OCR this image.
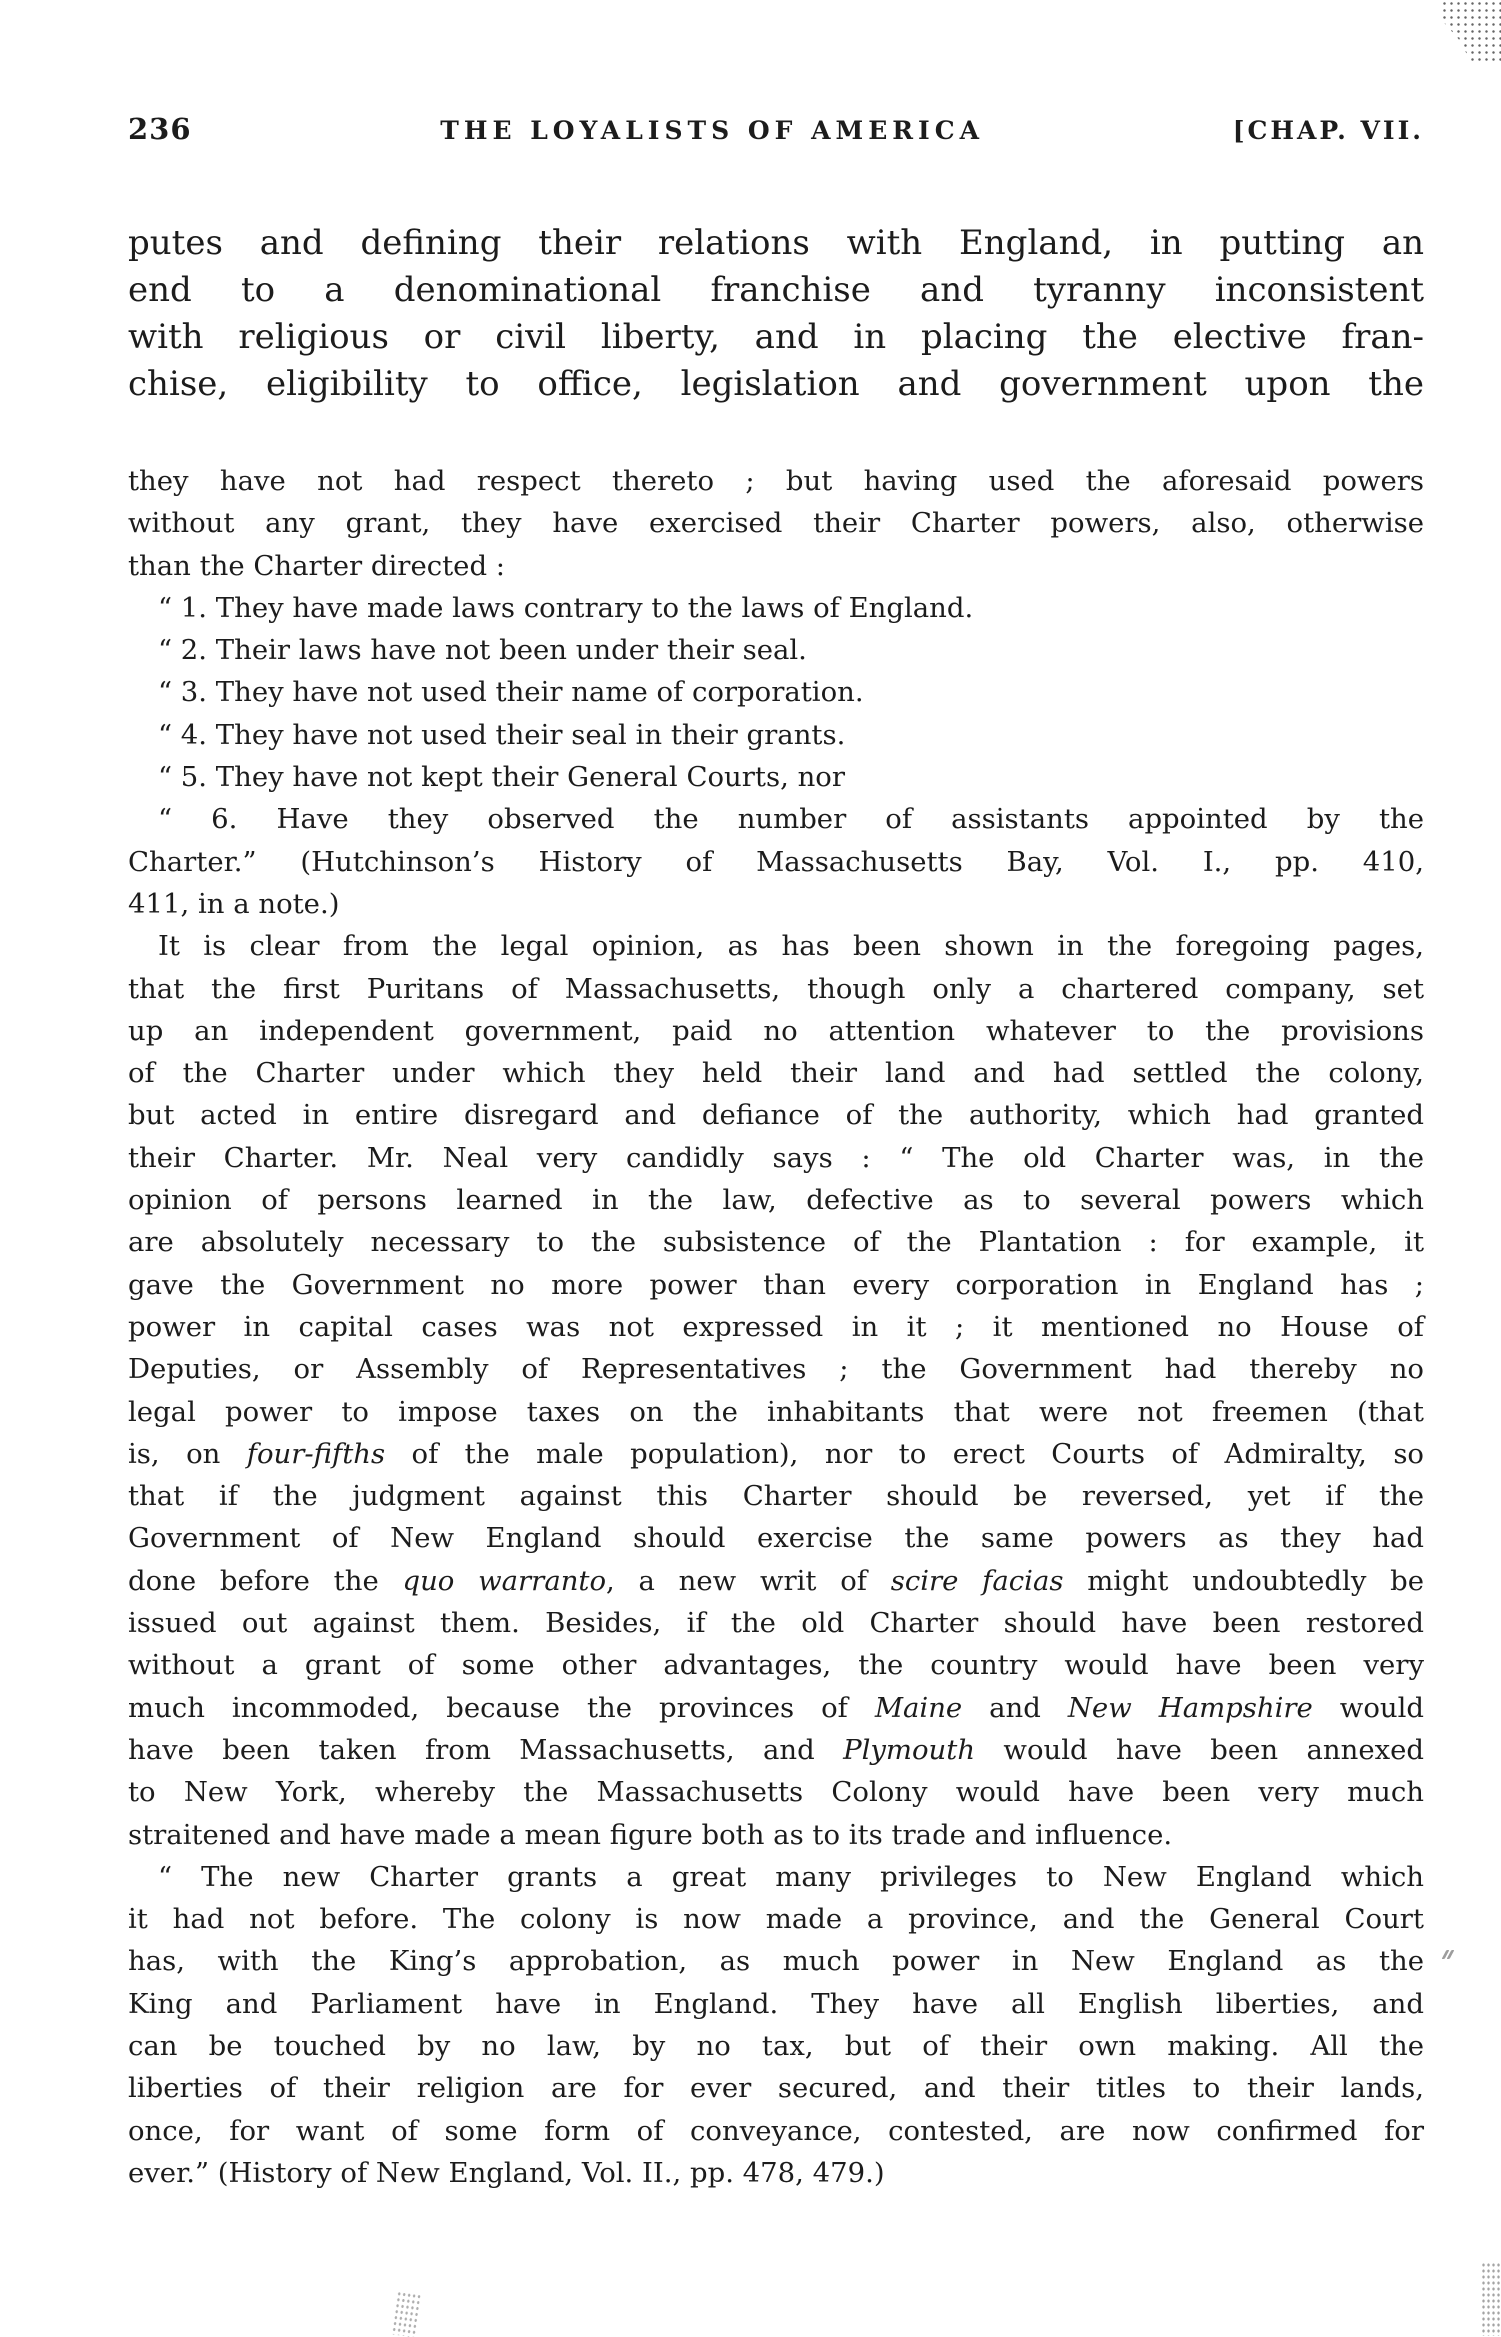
236	THE LOYALISTS OF AMERICA	[CHAP. VII.
putes and defining their relations with England, in putting an
end to a denominational franchise and tyranny inconsistent
with religious or civil liberty, and in placing the elective fran-
chise, eligibility to office, legislation and government upon the
they have not had respect thereto ; but having used the aforesaid powers
without any grant, they have exercised their Charter powers, also, otherwise
than the Charter directed :
“ 1. They have made laws contrary to the laws of England.
“ 2. Their laws have not been under their seal.
“ 3. They have not used their name of corporation.
“ 4. They have not used their seal in their grants.
“ 5. They have not kept their General Courts, nor
“ 6. Have they observed the number of assistants appointed by the
Charter.” (Hutchinson’s History of Massachusetts Bay, Vol. I., pp. 410,
411, in a note.)
It is clear from the legal opinion, as has been shown in the foregoing pages,
that the first Puritans of Massachusetts, though only a chartered company, set
up an independent government, paid no attention whatever to the provisions
of the Charter under which they held their land and had settled the colony,
but acted in entire disregard and defiance of the authority, which had granted
their Charter. Mr. Neal very candidly says : “ The old Charter was, in the
opinion of persons learned in the law, defective as to several powers which
are absolutely necessary to the subsistence of the Plantation : for example, it
gave the Government no more power than every corporation in England has ;
power in capital cases was not expressed in it ; it mentioned no House of
Deputies, or Assembly of Representatives ; the Government had thereby no
legal power to impose taxes on the inhabitants that were not freemen (that
is, on four-fifths of the male population), nor to erect Courts of Admiralty, so
that if the judgment against this Charter should be reversed, yet if the
Government of New England should exercise the same powers as they had
done before the quo warranto, a new writ of scire facias might undoubtedly be
issued out against them. Besides, if the old Charter should have been restored
without a grant of some other advantages, the country would have been very
much incommoded, because the provinces of Maine and New Hampshire would
have been taken from Massachusetts, and Plymouth would have been annexed
to New York, whereby the Massachusetts Colony would have been very much
straitened and have made a mean figure both as to its trade and influence.
“ The new Charter grants a great many privileges to New England which
it had not before. The colony is now made a province, and the General Court
has, with the King’s approbation, as much power in New England as the
King and Parliament have in England. They have all English liberties, and
can be touched by no law, by no tax, but of their own making. All the
liberties of their religion are for ever secured, and their titles to their lands,
once, for want of some form of conveyance, contested, are now confirmed for
ever.” (History of New England, Vol. II., pp. 478, 479.)
